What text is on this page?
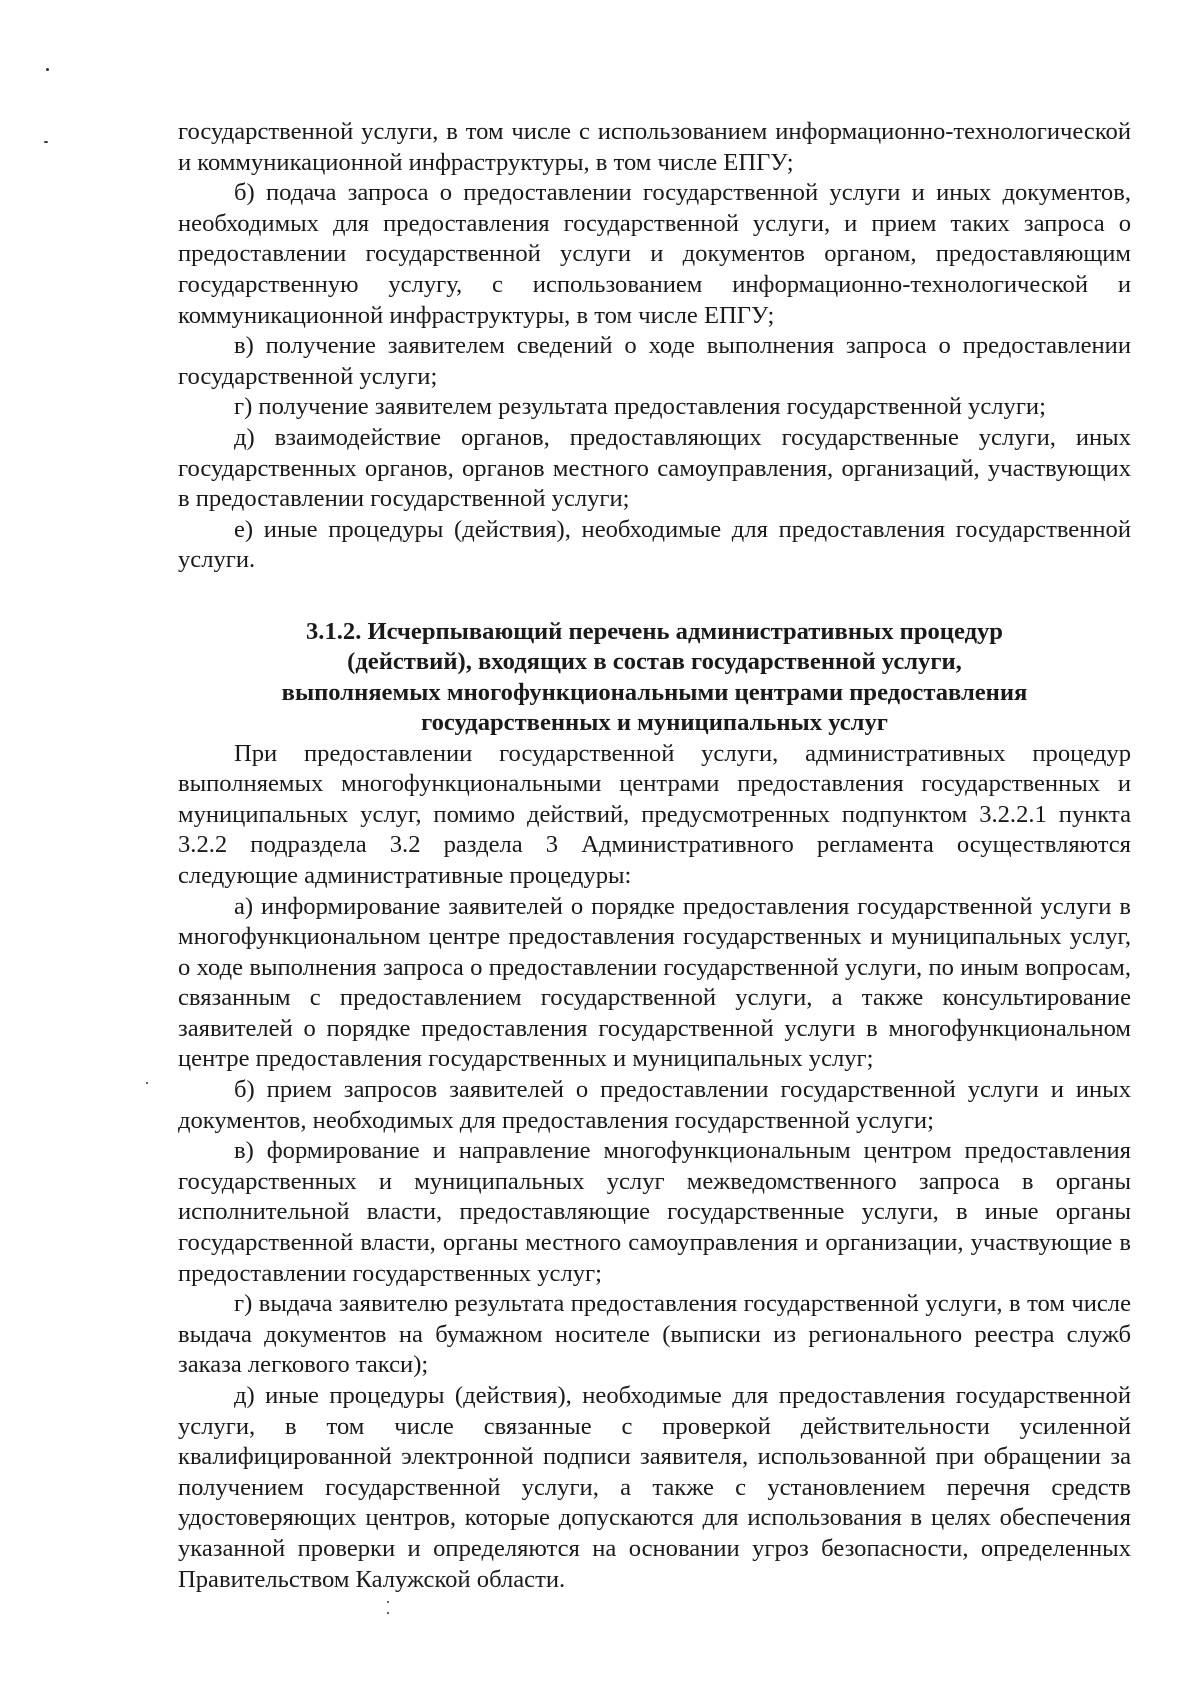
государственной услуги, в том числе с использованием информационно-технологической и коммуникационной инфраструктуры, в том числе ЕПГУ;

б) подача запроса о предоставлении государственной услуги и иных документов, необходимых для предоставления государственной услуги, и прием таких запроса о предоставлении государственной услуги и документов органом, предоставляющим государственную услугу, с использованием информационно-технологической и коммуникационной инфраструктуры, в том числе ЕПГУ;

в) получение заявителем сведений о ходе выполнения запроса о предоставлении государственной услуги;

г) получение заявителем результата предоставления государственной услуги;

д) взаимодействие органов, предоставляющих государственные услуги, иных государственных органов, органов местного самоуправления, организаций, участвующих в предоставлении государственной услуги;

е) иные процедуры (действия), необходимые для предоставления государственной услуги.

3.1.2. Исчерпывающий перечень административных процедур
(действий), входящих в состав государственной услуги,
выполняемых многофункциональными центрами предоставления
государственных и муниципальных услуг

При предоставлении государственной услуги, административных процедур выполняемых многофункциональными центрами предоставления государственных и муниципальных услуг, помимо действий, предусмотренных подпунктом 3.2.2.1 пункта 3.2.2 подраздела 3.2 раздела 3 Административного регламента осуществляются следующие административные процедуры:

а) информирование заявителей о порядке предоставления государственной услуги в многофункциональном центре предоставления государственных и муниципальных услуг, о ходе выполнения запроса о предоставлении государственной услуги, по иным вопросам, связанным с предоставлением государственной услуги, а также консультирование заявителей о порядке предоставления государственной услуги в многофункциональном центре предоставления государственных и муниципальных услуг;

б) прием запросов заявителей о предоставлении государственной услуги и иных документов, необходимых для предоставления государственной услуги;

в) формирование и направление многофункциональным центром предоставления государственных и муниципальных услуг межведомственного запроса в органы исполнительной власти, предоставляющие государственные услуги, в иные органы государственной власти, органы местного самоуправления и организации, участвующие в предоставлении государственных услуг;

г) выдача заявителю результата предоставления государственной услуги, в том числе выдача документов на бумажном носителе (выписки из регионального реестра служб заказа легкового такси);

д) иные процедуры (действия), необходимые для предоставления государственной услуги, в том числе связанные с проверкой действительности усиленной квалифицированной электронной подписи заявителя, использованной при обращении за получением государственной услуги, а также с установлением перечня средств удостоверяющих центров, которые допускаются для использования в целях обеспечения указанной проверки и определяются на основании угроз безопасности, определенных Правительством Калужской области.
